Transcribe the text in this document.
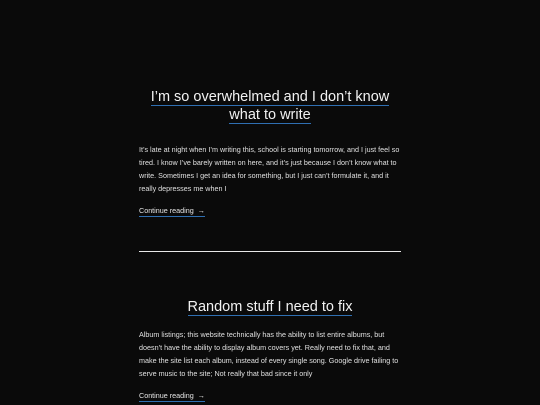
I’m so overwhelmed and I don’t know what to write

It’s late at night when I’m writing this, school is starting tomorrow, and I just feel so tired. I know I’ve barely written on here, and it’s just because I don’t know what to write. Sometimes I get an idea for something, but I just can’t formulate it, and it really depresses me when I

Continue reading →
Random stuff I need to fix

Album listings; this website technically has the ability to list entire albums, but doesn’t have the ability to display album covers yet. Really need to fix that, and make the site list each album, instead of every single song. Google drive failing to serve music to the site; Not really that bad since it only

Continue reading →
